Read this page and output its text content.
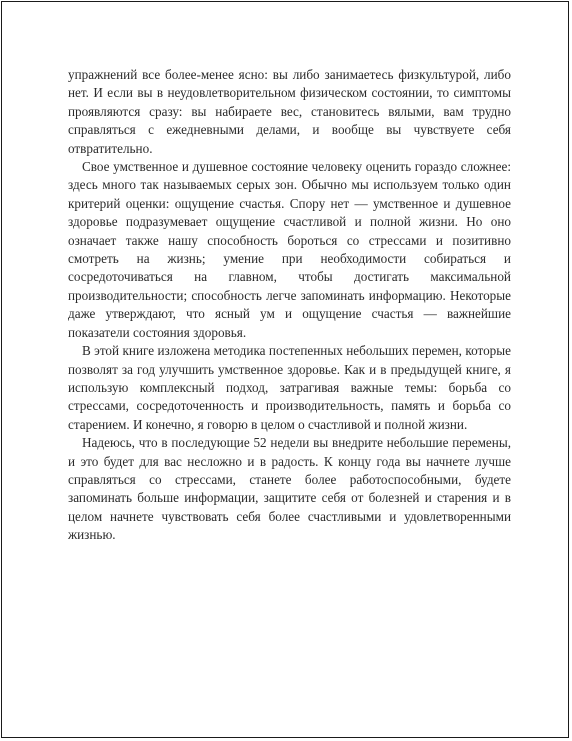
упражнений все более-менее ясно: вы либо занимаетесь физкультурой, либо нет. И если вы в неудовлетворительном физическом состоянии, то симптомы проявляются сразу: вы набираете вес, становитесь вялыми, вам трудно справляться с ежедневными делами, и вообще вы чувствуете себя отвратительно.

Свое умственное и душевное состояние человеку оценить гораздо сложнее: здесь много так называемых серых зон. Обычно мы используем только один критерий оценки: ощущение счастья. Спору нет — умственное и душевное здоровье подразумевает ощущение счастливой и полной жизни. Но оно означает также нашу способность бороться со стрессами и позитивно смотреть на жизнь; умение при необходимости собираться и сосредоточиваться на главном, чтобы достигать максимальной производительности; способность легче запоминать информацию. Некоторые даже утверждают, что ясный ум и ощущение счастья — важнейшие показатели состояния здоровья.

В этой книге изложена методика постепенных небольших перемен, которые позволят за год улучшить умственное здоровье. Как и в предыдущей книге, я использую комплексный подход, затрагивая важные темы: борьба со стрессами, сосредоточенность и производительность, память и борьба со старением. И конечно, я говорю в целом о счастливой и полной жизни.

Надеюсь, что в последующие 52 недели вы внедрите небольшие перемены, и это будет для вас несложно и в радость. К концу года вы начнете лучше справляться со стрессами, станете более работоспособными, будете запоминать больше информации, защитите себя от болезней и старения и в целом начнете чувствовать себя более счастливыми и удовлетворенными жизнью.
